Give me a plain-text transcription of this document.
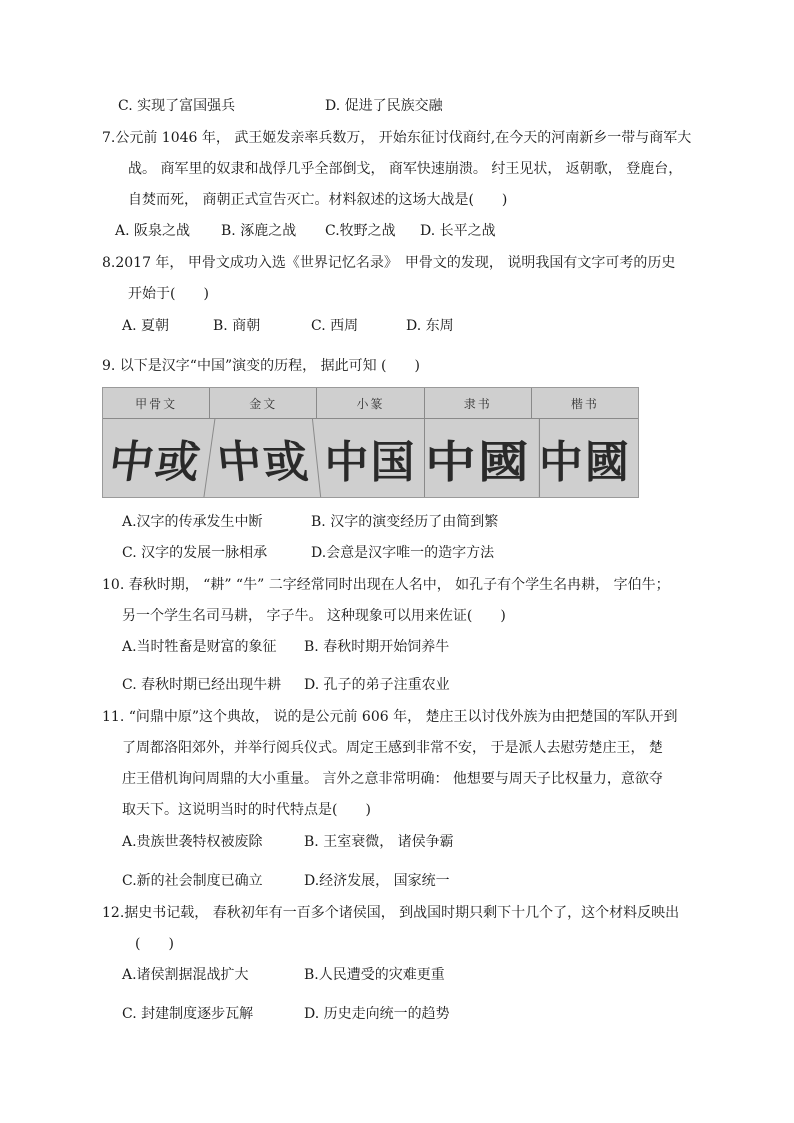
C. 实现了富国强兵	D. 促进了民族交融
7.公元前 1046 年， 武王姬发亲率兵数万， 开始东征讨伐商纣,在今天的河南新乡一带与商军大
战。 商军里的奴隶和战俘几乎全部倒戈， 商军快速崩溃。 纣王见状， 返朝歌， 登鹿台，
自焚而死， 商朝正式宣告灭亡。材料叙述的这场大战是(　　)
A. 阪泉之战 B. 涿鹿之战 C.牧野之战 D. 长平之战
8.2017 年， 甲骨文成功入选《世界记忆名录》　甲骨文的发现， 说明我国有文字可考的历史
开始于(　　)
A. 夏朝	B. 商朝	C. 西周	D. 东周
9. 以下是汉字“中国”演变的历程， 据此可知 (　　)
甲骨文	金文	小篆	隶书	楷书
中或 中或 中国 中國 中國
A.汉字的传承发生中断	B. 汉字的演变经历了由简到繁
C. 汉字的发展一脉相承	D.会意是汉字唯一的造字方法
10. 春秋时期， “耕” “牛” 二字经常同时出现在人名中， 如孔子有个学生名冉耕， 字伯牛；
另一个学生名司马耕， 字子牛。 这种现象可以用来佐证(　　)
A.当时牲畜是财富的象征 B. 春秋时期开始饲养牛
C. 春秋时期已经出现牛耕 D. 孔子的弟子注重农业
11. “问鼎中原”这个典故， 说的是公元前 606 年， 楚庄王以讨伐外族为由把楚国的军队开到
了周都洛阳郊外，并举行阅兵仪式。周定王感到非常不安， 于是派人去慰劳楚庄王， 楚
庄王借机询问周鼎的大小重量。 言外之意非常明确： 他想要与周天子比权量力，意欲夺
取天下。这说明当时的时代特点是(　　)
A.贵族世袭特权被废除	B. 王室衰微， 诸侯争霸
C.新的社会制度已确立	D.经济发展， 国家统一
12.据史书记载， 春秋初年有一百多个诸侯国， 到战国时期只剩下十几个了，这个材料反映出
(　　)
A.诸侯割据混战扩大	B.人民遭受的灾难更重
C. 封建制度逐步瓦解	D. 历史走向统一的趋势
